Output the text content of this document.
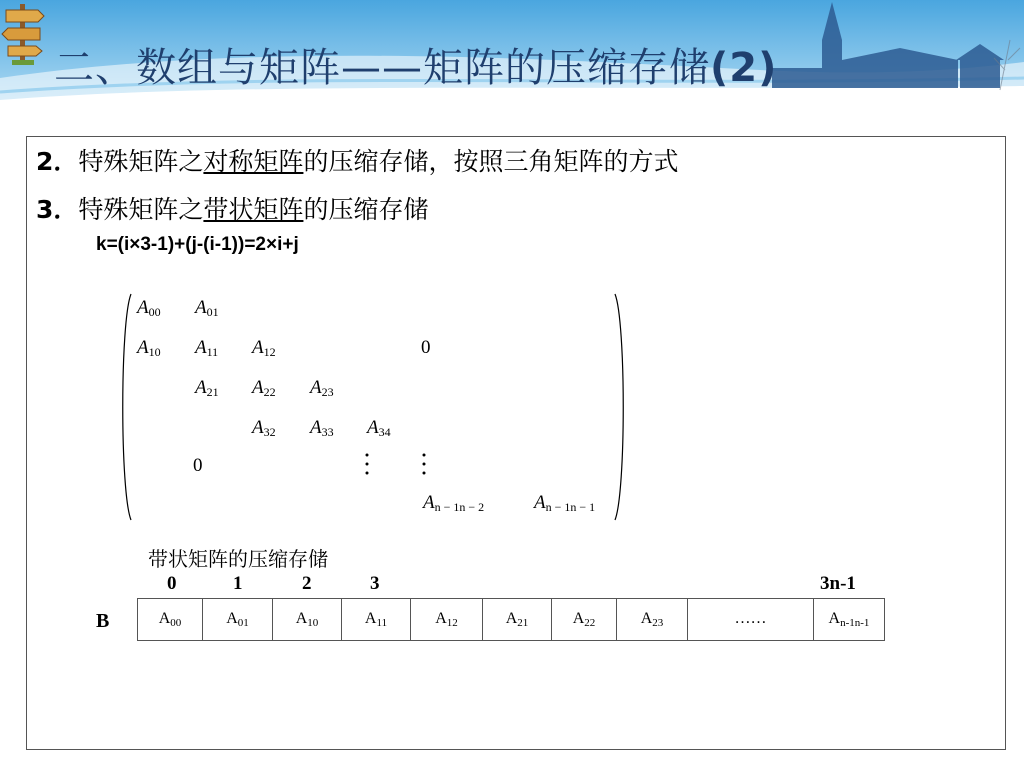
二、数组与矩阵——矩阵的压缩存储(2)
2．特殊矩阵之对称矩阵的压缩存储，按照三角矩阵的方式
3．特殊矩阵之带状矩阵的压缩存储
k=(i×3-1)+(j-(i-1))=2×i+j
$A_{00}$ $A_{01}$
$A_{10}$ $A_{11}$ $A_{12}$	0
$A_{21}$ $A_{22}$ $A_{23}$
$A_{32}$ $A_{33}$ $A_{34}$
0
$A_{n - 1n - 2}$	$A_{n - 1n - 1}$
带状矩阵的压缩存储
0	1	2	3	3n-1
B	$A_{00}$	$A_{01}$	$A_{10}$	$A_{11}$	$A_{12}$	$A_{21}$	$A_{22}$	$A_{23}$	……	$A_{n-1n-1}$
